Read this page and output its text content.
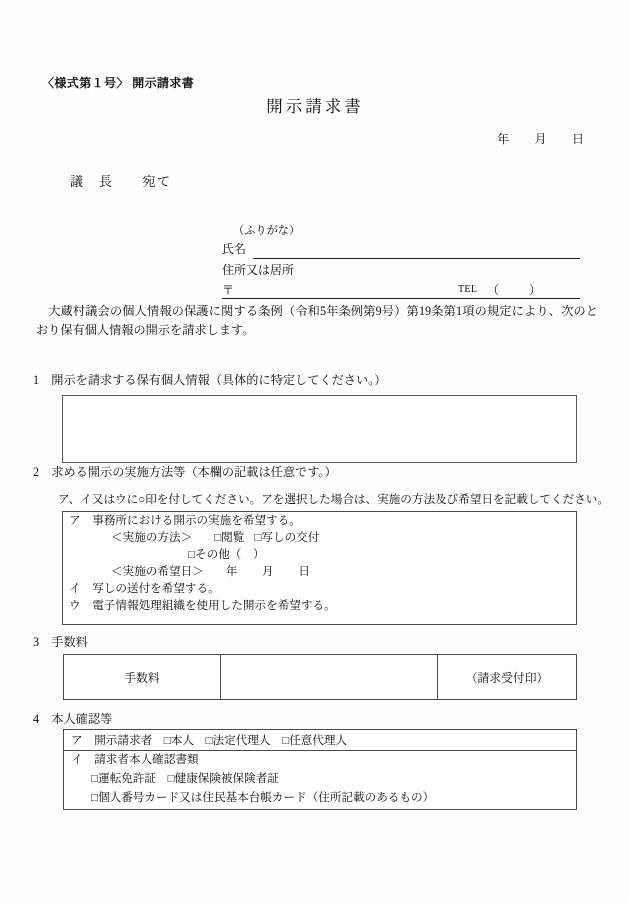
〈様式第１号〉 開示請求書
開示請求書
年　　月　　日
議　長　　宛て
（ふりがな）
氏名
住所又は居所
〒	TEL （　　）
大蔵村議会の個人情報の保護に関する条例（令和5年条例第9号）第19条第1項の規定により、次のとおり保有個人情報の開示を請求します。
1　開示を請求する保有個人情報（具体的に特定してください。）
2　求める開示の実施方法等（本欄の記載は任意です。）
ア、イ又はウに○印を付してください。アを選択した場合は、実施の方法及び希望日を記載してください。
ア　事務所における開示の実施を希望する。
＜実施の方法＞ □閲覧 □写しの交付
□その他（　）
＜実施の希望日＞ 年　　月　　日
イ　写しの送付を希望する。
ウ　電子情報処理組織を使用した開示を希望する。
3　手数料
手数料	（請求受付印）
4　本人確認等
ア　開示請求者　□本人　□法定代理人　□任意代理人
イ　請求者本人確認書類
□運転免許証　□健康保険被保険者証
□個人番号カード又は住民基本台帳カード（住所記載のあるもの）
